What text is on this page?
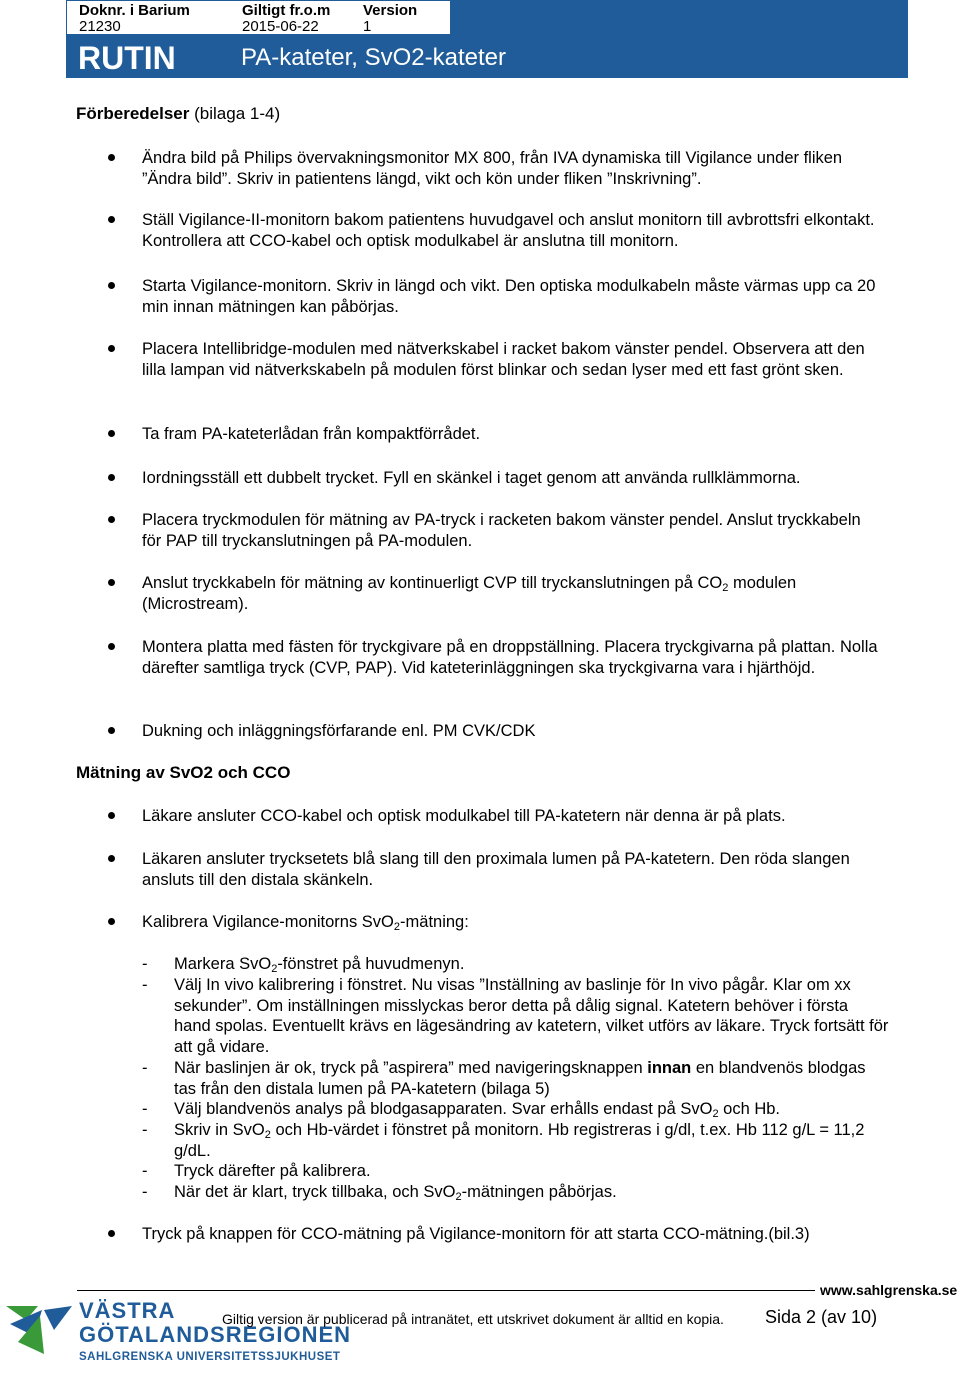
Doknr. i Barium
21230
Giltigt fr.o.m
2015-06-22
Version
1
RUTIN	PA-kateter, SvO2-kateter
Förberedelser (bilaga 1-4)
Ändra bild på Philips övervakningsmonitor MX 800, från IVA dynamiska till Vigilance under fliken ”Ändra bild”. Skriv in patientens längd, vikt och kön under fliken ”Inskrivning”.
Ställ Vigilance-II-monitorn bakom patientens huvudgavel och anslut monitorn till avbrottsfri elkontakt. Kontrollera att CCO-kabel och optisk modulkabel är anslutna till monitorn.
Starta Vigilance-monitorn. Skriv in längd och vikt. Den optiska modulkabeln måste värmas upp ca 20 min innan mätningen kan påbörjas.
Placera Intellibridge-modulen med nätverkskabel i racket bakom vänster pendel. Observera att den lilla lampan vid nätverkskabeln på modulen först blinkar och sedan lyser med ett fast grönt sken.
Ta fram PA-kateterlådan från kompaktförrådet.
Iordningsställ ett dubbelt trycket. Fyll en skänkel i taget genom att använda rullklämmorna.
Placera tryckmodulen för mätning av PA-tryck i racketen bakom vänster pendel. Anslut tryckkabeln för PAP till tryckanslutningen på PA-modulen.
Anslut tryckkabeln för mätning av kontinuerligt CVP till tryckanslutningen på $CO_2$ modulen (Microstream).
Montera platta med fästen för tryckgivare på en droppställning. Placera tryckgivarna på plattan. Nolla därefter samtliga tryck (CVP, PAP). Vid kateterinläggningen ska tryckgivarna vara i hjärthöjd.
Dukning och inläggningsförfarande enl. PM CVK/CDK
Mätning av SvO2 och CCO
Läkare ansluter CCO-kabel och optisk modulkabel till PA-katetern när denna är på plats.
Läkaren ansluter trycksetets blå slang till den proximala lumen på PA-katetern. Den röda slangen ansluts till den distala skänkeln.
Kalibrera Vigilance-monitorns SvO$_2$-mätning:
- Markera SvO$_2$-fönstret på huvudmenyn.
- Välj In vivo kalibrering i fönstret. Nu visas ”Inställning av baslinje för In vivo pågår. Klar om xx sekunder”. Om inställningen misslyckas beror detta på dålig signal. Katetern behöver i första hand spolas. Eventuellt krävs en lägesändring av katetern, vilket utförs av läkare. Tryck fortsätt för att gå vidare.
- När baslinjen är ok, tryck på ”aspirera” med navigeringsknappen innan en blandvenös blodgas tas från den distala lumen på PA-katetern (bilaga 5)
- Välj blandvenös analys på blodgasapparaten. Svar erhålls endast på SvO$_2$ och Hb.
- Skriv in SvO$_2$ och Hb-värdet i fönstret på monitorn. Hb registreras i g/dl, t.ex. Hb 112 g/L = 11,2 g/dL.
- Tryck därefter på kalibrera.
- När det är klart, tryck tillbaka, och SvO$_2$-mätningen påbörjas.
Tryck på knappen för CCO-mätning på Vigilance-monitorn för att starta CCO-mätning.(bil.3)
www.sahlgrenska.se
VÄSTRA
GÖTALANDSREGIONEN
SAHLGRENSKA UNIVERSITETSSJUKHUSET
Giltig version är publicerad på intranätet, ett utskrivet dokument är alltid en kopia. Sida 2 (av 10)
